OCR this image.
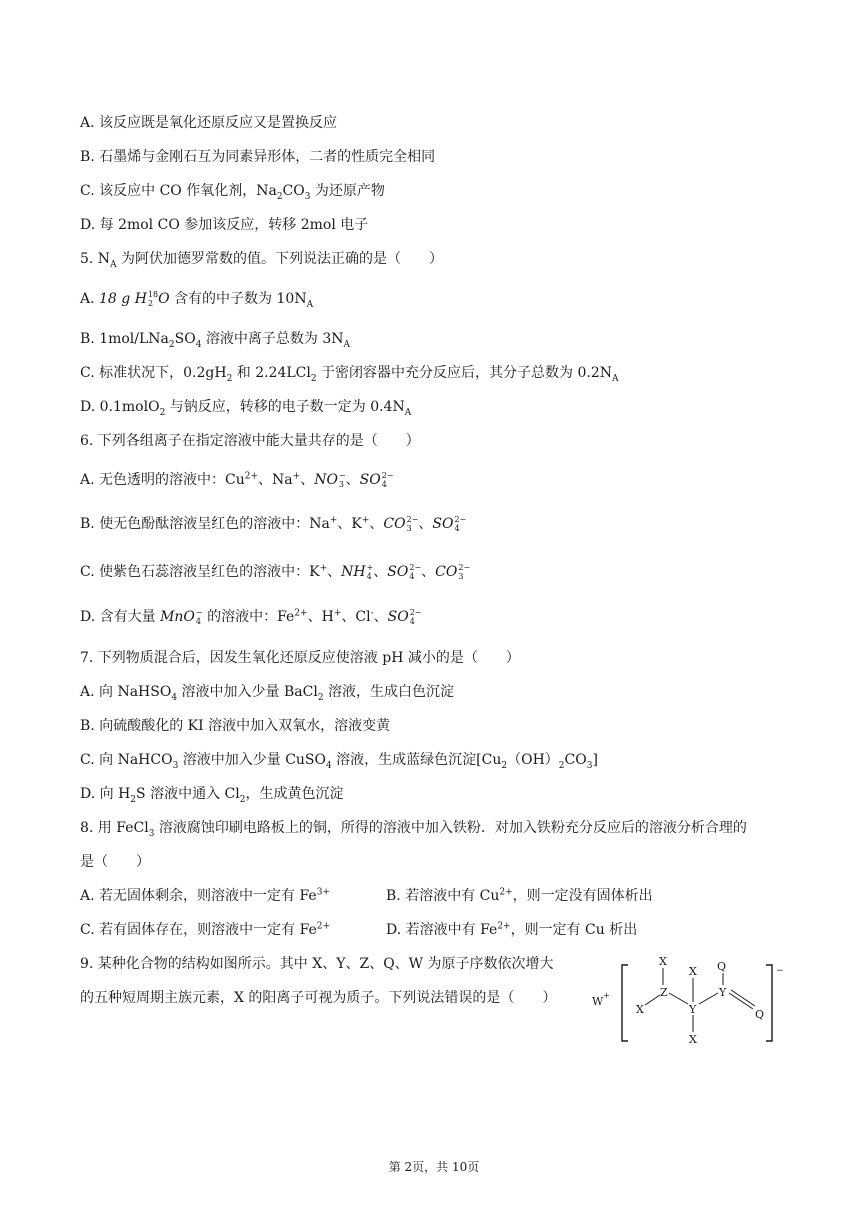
A. 该反应既是氧化还原反应又是置换反应
B. 石墨烯与金刚石互为同素异形体，二者的性质完全相同
C. 该反应中 CO 作氧化剂，$Na_2CO_3$ 为还原产物
D. 每 2mol CO 参加该反应，转移 2mol 电子
5. $N_A$ 为阿伏加德罗常数的值。下列说法正确的是（　　）
A. 18 g H 18
2 O 含有的中子数为 $10N_A$
B. $1mol/LNa_2SO_4$ 溶液中离子总数为 $3N_A$
C. 标准状况下，$0.2gH_2$ 和 2.24LCl$_2$ 于密闭容器中充分反应后，其分子总数为 $0.2N_A$
D. 0.1molO$_2$ 与钠反应，转移的电子数一定为 $0.4N_A$
6. 下列各组离子在指定溶液中能大量共存的是（　　）
A. 无色透明的溶液中：$Cu^{2+}$、Na+、NO −
3 、SO 2−
4
B. 使无色酚酞溶液呈红色的溶液中：Na+、K+、CO 2−
3 、SO 2−
4
C. 使紫色石蕊溶液呈红色的溶液中：K+、NH +
4 、SO 2−
4 、CO 2−
3
D. 含有大量 MnO −
4 的溶液中：$Fe^{2+}$、H+、Cl-、SO 2−
4
7. 下列物质混合后，因发生氧化还原反应使溶液 pH 减小的是（　　）
A. 向 NaHSO$_4$ 溶液中加入少量 BaCl$_2$ 溶液，生成白色沉淀
B. 向硫酸酸化的 KI 溶液中加入双氧水，溶液变黄
C. 向 NaHCO$_3$ 溶液中加入少量 CuSO$_4$ 溶液，生成蓝绿色沉淀$[Cu_2(OH)_2CO_3]$
D. 向 $H_2S$ 溶液中通入 $Cl_2$，生成黄色沉淀
8. 用 FeCl$_3$ 溶液腐蚀印刷电路板上的铜，所得的溶液中加入铁粉．对加入铁粉充分反应后的溶液分析合理的
是（　　）
A. 若无固体剩余，则溶液中一定有 $Fe^{3+}$	B. 若溶液中有 $Cu^{2+}$，则一定没有固体析出
C. 若有固体存在，则溶液中一定有 $Fe^{2+}$	D. 若溶液中有 $Fe^{2+}$，则一定有 Cu 析出
9. 某种化合物的结构如图所示。其中 X、Y、Z、Q、W 为原子序数依次增大
的五种短周期主族元素，X 的阳离子可视为质子。下列说法错误的是（　　）	W +
−
X
Z
X	Y
X
X
Y
Q
Q
第 2页，共 10页
